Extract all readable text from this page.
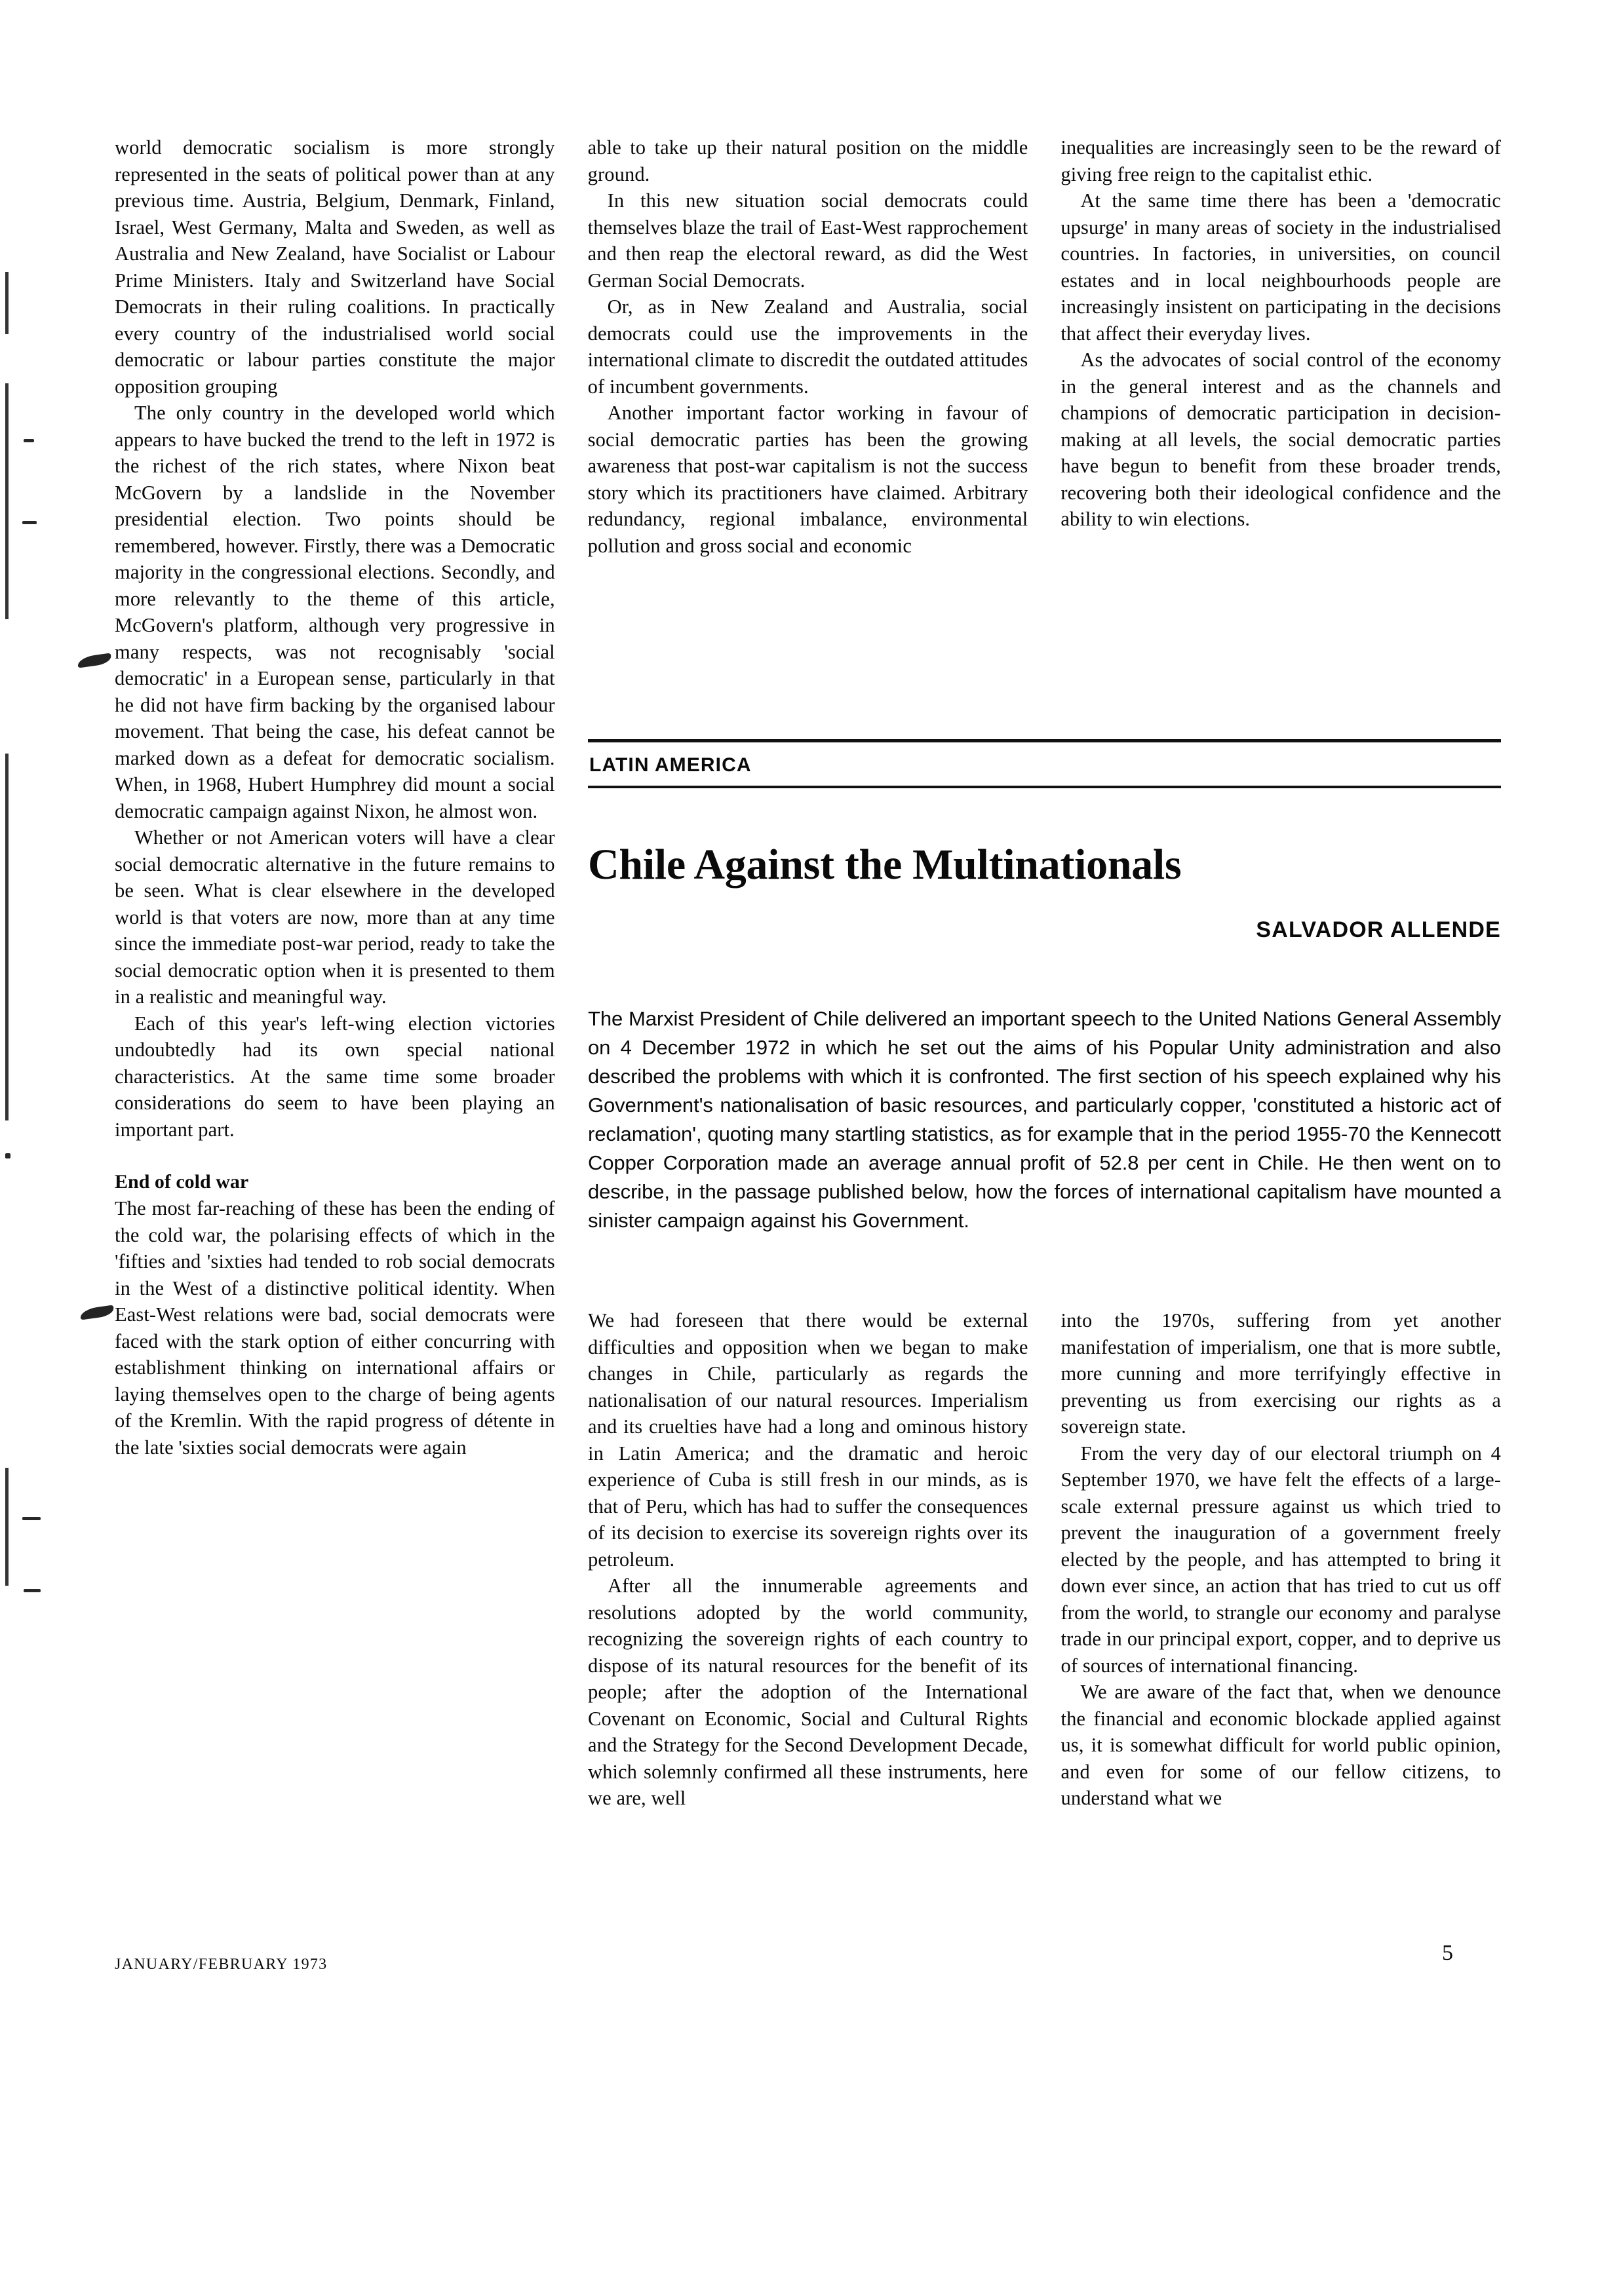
world democratic socialism is more strongly represented in the seats of political power than at any previous time. Austria, Belgium, Denmark, Finland, Israel, West Germany, Malta and Sweden, as well as Australia and New Zealand, have Socialist or Labour Prime Ministers. Italy and Switzerland have Social Democrats in their ruling coalitions. In practically every country of the industrialised world social democratic or labour parties constitute the major opposition grouping

The only country in the developed world which appears to have bucked the trend to the left in 1972 is the richest of the rich states, where Nixon beat McGovern by a landslide in the November presidential election. Two points should be remembered, however. Firstly, there was a Democratic majority in the congressional elections. Secondly, and more relevantly to the theme of this article, McGovern's platform, although very progressive in many respects, was not recognisably 'social democratic' in a European sense, particularly in that he did not have firm backing by the organised labour movement. That being the case, his defeat cannot be marked down as a defeat for democratic socialism. When, in 1968, Hubert Humphrey did mount a social democratic campaign against Nixon, he almost won.

Whether or not American voters will have a clear social democratic alternative in the future remains to be seen. What is clear elsewhere in the developed world is that voters are now, more than at any time since the immediate post-war period, ready to take the social democratic option when it is presented to them in a realistic and meaningful way.

Each of this year's left-wing election victories undoubtedly had its own special national characteristics. At the same time some broader considerations do seem to have been playing an important part.

End of cold war

The most far-reaching of these has been the ending of the cold war, the polarising effects of which in the 'fifties and 'sixties had tended to rob social democrats in the West of a distinctive political identity. When East-West relations were bad, social democrats were faced with the stark option of either concurring with establishment thinking on international affairs or laying themselves open to the charge of being agents of the Kremlin. With the rapid progress of détente in the late 'sixties social democrats were again

able to take up their natural position on the middle ground.

In this new situation social democrats could themselves blaze the trail of East-West rapprochement and then reap the electoral reward, as did the West German Social Democrats.

Or, as in New Zealand and Australia, social democrats could use the improvements in the international climate to discredit the outdated attitudes of incumbent governments.

Another important factor working in favour of social democratic parties has been the growing awareness that post-war capitalism is not the success story which its practitioners have claimed. Arbitrary redundancy, regional imbalance, environmental pollution and gross social and economic

inequalities are increasingly seen to be the reward of giving free reign to the capitalist ethic.

At the same time there has been a 'democratic upsurge' in many areas of society in the industrialised countries. In factories, in universities, on council estates and in local neighbourhoods people are increasingly insistent on participating in the decisions that affect their everyday lives.

As the advocates of social control of the economy in the general interest and as the channels and champions of democratic participation in decision-making at all levels, the social democratic parties have begun to benefit from these broader trends, recovering both their ideological confidence and the ability to win elections.

LATIN AMERICA
Chile Against the Multinationals
SALVADOR ALLENDE
The Marxist President of Chile delivered an important speech to the United Nations General Assembly on 4 December 1972 in which he set out the aims of his Popular Unity administration and also described the problems with which it is confronted. The first section of his speech explained why his Government's nationalisation of basic resources, and particularly copper, 'constituted a historic act of reclamation', quoting many startling statistics, as for example that in the period 1955-70 the Kennecott Copper Corporation made an average annual profit of 52.8 per cent in Chile. He then went on to describe, in the passage published below, how the forces of international capitalism have mounted a sinister campaign against his Government.

We had foreseen that there would be external difficulties and opposition when we began to make changes in Chile, particularly as regards the nationalisation of our natural resources. Imperialism and its cruelties have had a long and ominous history in Latin America; and the dramatic and heroic experience of Cuba is still fresh in our minds, as is that of Peru, which has had to suffer the consequences of its decision to exercise its sovereign rights over its petroleum.

After all the innumerable agreements and resolutions adopted by the world community, recognizing the sovereign rights of each country to dispose of its natural resources for the benefit of its people; after the adoption of the International Covenant on Economic, Social and Cultural Rights and the Strategy for the Second Development Decade, which solemnly confirmed all these instruments, here we are, well

into the 1970s, suffering from yet another manifestation of imperialism, one that is more subtle, more cunning and more terrifyingly effective in preventing us from exercising our rights as a sovereign state.

From the very day of our electoral triumph on 4 September 1970, we have felt the effects of a large-scale external pressure against us which tried to prevent the inauguration of a government freely elected by the people, and has attempted to bring it down ever since, an action that has tried to cut us off from the world, to strangle our economy and paralyse trade in our principal export, copper, and to deprive us of sources of international financing.

We are aware of the fact that, when we denounce the financial and economic blockade applied against us, it is somewhat difficult for world public opinion, and even for some of our fellow citizens, to understand what we

JANUARY/FEBRUARY 1973	5
